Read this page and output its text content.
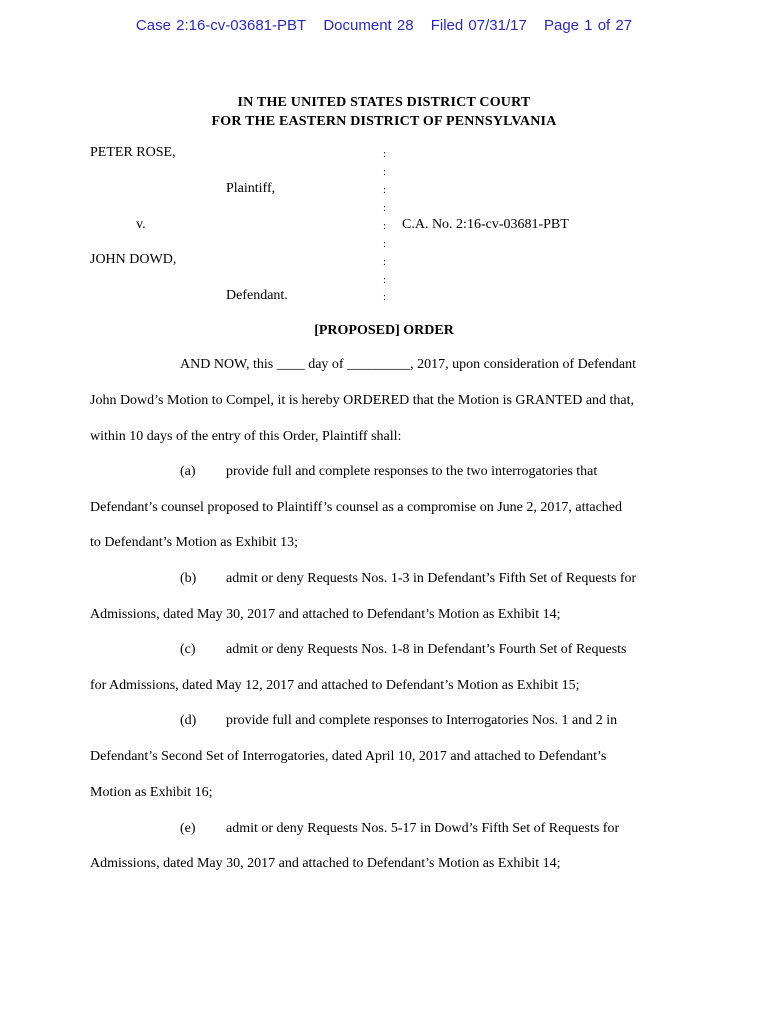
Case 2:16-cv-03681-PBT Document 28 Filed 07/31/17 Page 1 of 27
IN THE UNITED STATES DISTRICT COURT
FOR THE EASTERN DISTRICT OF PENNSYLVANIA
PETER ROSE,
Plaintiff,
v.	C.A. No. 2:16-cv-03681-PBT
JOHN DOWD,
Defendant.
:
:
:
:
:
:
:
:
:
[PROPOSED] ORDER
AND NOW, this ____ day of _________, 2017, upon consideration of Defendant
John Dowd’s Motion to Compel, it is hereby ORDERED that the Motion is GRANTED and that,
within 10 days of the entry of this Order, Plaintiff shall:
(a) provide full and complete responses to the two interrogatories that
Defendant’s counsel proposed to Plaintiff’s counsel as a compromise on June 2, 2017, attached
to Defendant’s Motion as Exhibit 13;
(b) admit or deny Requests Nos. 1-3 in Defendant’s Fifth Set of Requests for
Admissions, dated May 30, 2017 and attached to Defendant’s Motion as Exhibit 14;
(c) admit or deny Requests Nos. 1-8 in Defendant’s Fourth Set of Requests
for Admissions, dated May 12, 2017 and attached to Defendant’s Motion as Exhibit 15;
(d) provide full and complete responses to Interrogatories Nos. 1 and 2 in
Defendant’s Second Set of Interrogatories, dated April 10, 2017 and attached to Defendant’s
Motion as Exhibit 16;
(e) admit or deny Requests Nos. 5-17 in Dowd’s Fifth Set of Requests for
Admissions, dated May 30, 2017 and attached to Defendant’s Motion as Exhibit 14;
